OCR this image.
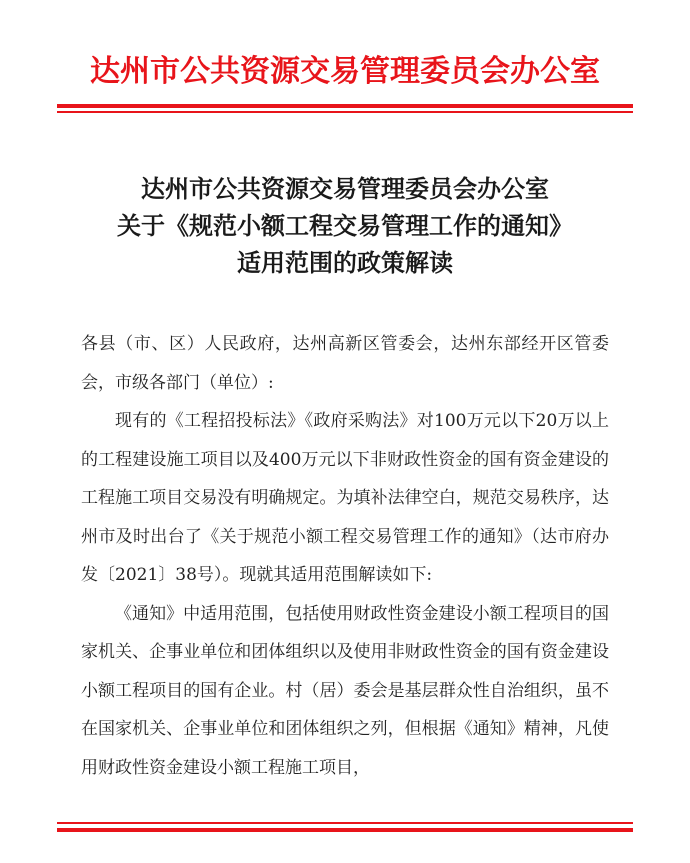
达州市公共资源交易管理委员会办公室
达州市公共资源交易管理委员会办公室
关于《规范小额工程交易管理工作的通知》
适用范围的政策解读

各县（市、区）人民政府，达州高新区管委会，达州东部经开区管委会，市级各部门（单位）:

现有的《工程招投标法》《政府采购法》对100万元以下20万以上的工程建设施工项目以及400万元以下非财政性资金的国有资金建设的工程施工项目交易没有明确规定。为填补法律空白，规范交易秩序，达州市及时出台了《关于规范小额工程交易管理工作的通知》（达市府办发〔2021〕38号）。现就其适用范围解读如下:

《通知》中适用范围，包括使用财政性资金建设小额工程项目的国家机关、企事业单位和团体组织以及使用非财政性资金的国有资金建设小额工程项目的国有企业。村（居）委会是基层群众性自治组织，虽不在国家机关、企事业单位和团体组织之列，但根据《通知》精神，凡使用财政性资金建设小额工程施工项目，
